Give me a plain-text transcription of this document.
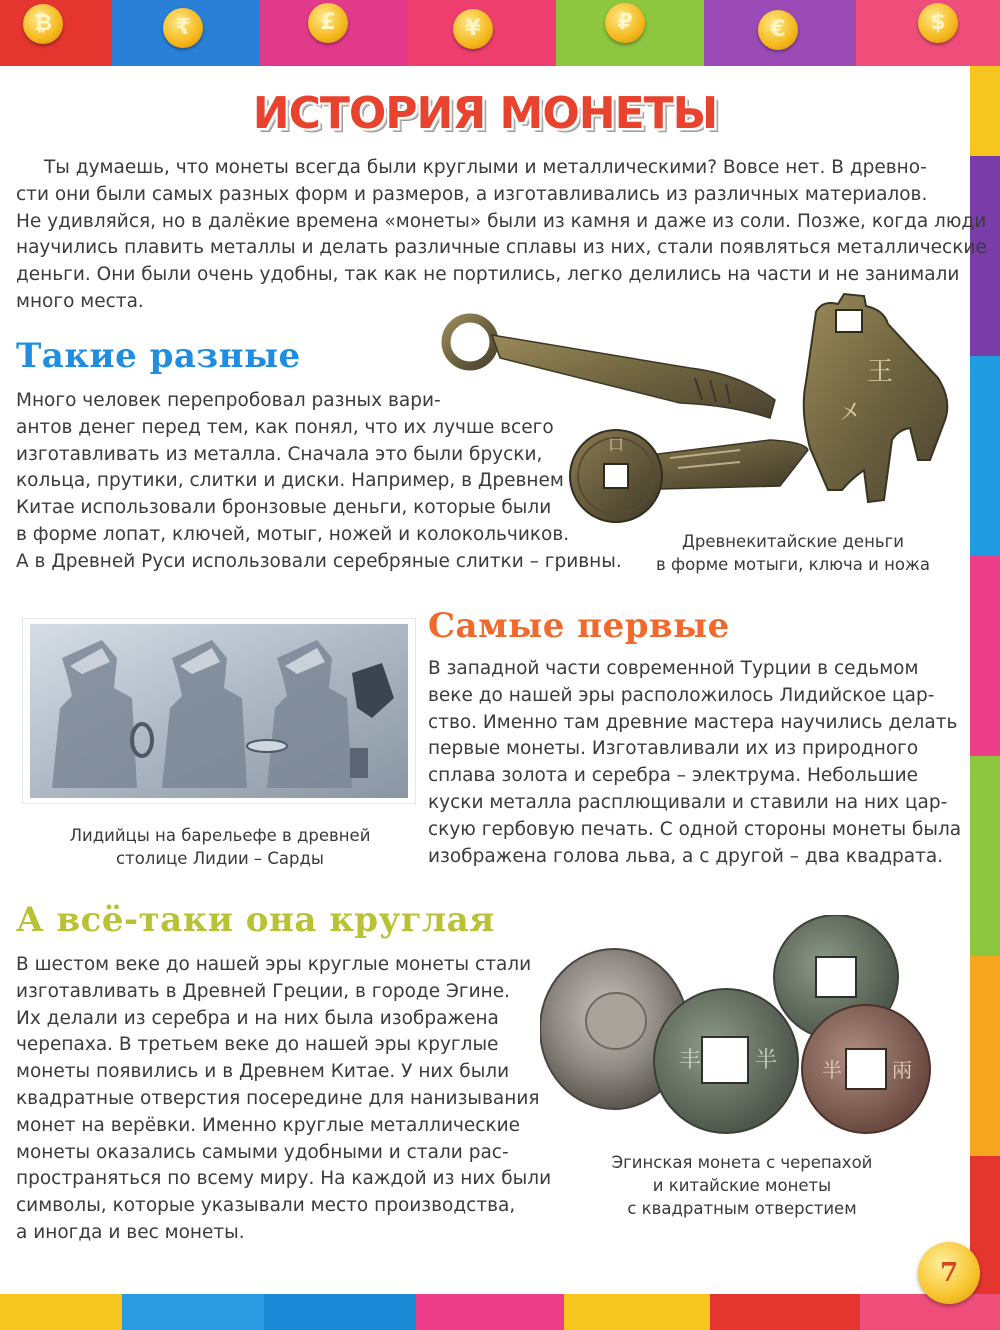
₿	₹	£	¥	₽	€	$
ИСТОРИЯ МОНЕТЫ
Ты думаешь, что монеты всегда были круглыми и металлическими? Вовсе нет. В древно-
сти они были самых разных форм и размеров, а изготавливались из различных материалов.
Не удивляйся, но в далёкие времена «монеты» были из камня и даже из соли. Позже, когда люди
научились плавить металлы и делать различные сплавы из них, стали появляться металлические
деньги. Они были очень удобны, так как не портились, легко делились на части и не занимали
много места.
Такие разные
Много человек перепробовал разных вари-
антов денег перед тем, как понял, что их лучше всего
изготавливать из металла. Сначала это были бруски,
кольца, прутики, слитки и диски. Например, в Древнем
Китае использовали бронзовые деньги, которые были
в форме лопат, ключей, мотыг, ножей и колокольчиков.
А в Древней Руси использовали серебряные слитки – гривны.
口
王
㐅
Древнекитайские деньги
в форме мотыги, ключа и ножа
Лидийцы на барельефе в древней
столице Лидии – Сарды
Самые первые
В западной части современной Турции в седьмом
веке до нашей эры расположилось Лидийское цар-
ство. Именно там древние мастера научились делать
первые монеты. Изготавливали их из природного
сплава золота и серебра – электрума. Небольшие
куски металла расплющивали и ставили на них цар-
скую гербовую печать. С одной стороны монеты была
изображена голова льва, а с другой – два квадрата.
А всё-таки она круглая
В шестом веке до нашей эры круглые монеты стали
изготавливать в Древней Греции, в городе Эгине.
Их делали из серебра и на них была изображена
черепаха. В третьем веке до нашей эры круглые
монеты появились и в Древнем Китае. У них были
квадратные отверстия посередине для нанизывания
монет на верёвки. Именно круглые металлические
монеты оказались самыми удобными и стали рас-
пространяться по всему миру. На каждой из них были
символы, которые указывали место производства,
а иногда и вес монеты.
丰 半 半	兩
Эгинская монета с черепахой
и китайские монеты
с квадратным отверстием
7
